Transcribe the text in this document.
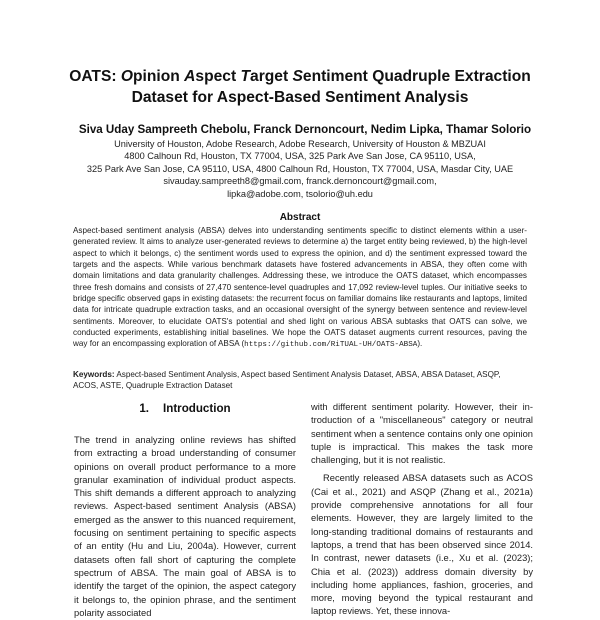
OATS: Opinion Aspect Target Sentiment Quadruple Extraction
Dataset for Aspect-Based Sentiment Analysis
Siva Uday Sampreeth Chebolu, Franck Dernoncourt, Nedim Lipka, Thamar Solorio
University of Houston, Adobe Research, Adobe Research, University of Houston & MBZUAI
4800 Calhoun Rd, Houston, TX 77004, USA, 325 Park Ave San Jose, CA 95110, USA,
325 Park Ave San Jose, CA 95110, USA, 4800 Calhoun Rd, Houston, TX 77004, USA, Masdar City, UAE
sivauday.sampreeth8@gmail.com, franck.dernoncourt@gmail.com,
lipka@adobe.com, tsolorio@uh.edu
Abstract
Aspect-based sentiment analysis (ABSA) delves into understanding sentiments specific to distinct elements within a user-generated review. It aims to analyze user-generated reviews to determine a) the target entity being reviewed, b) the high-level aspect to which it belongs, c) the sentiment words used to express the opinion, and d) the sentiment expressed toward the targets and the aspects. While various benchmark datasets have fostered advancements in ABSA, they often come with domain limitations and data granularity challenges. Addressing these, we introduce the OATS dataset, which encompasses three fresh domains and consists of 27,470 sentence-level quadruples and 17,092 review-level tuples. Our initiative seeks to bridge specific observed gaps in existing datasets: the recurrent focus on familiar domains like restaurants and laptops, limited data for intricate quadruple extraction tasks, and an occasional oversight of the synergy between sentence and review-level sentiments. Moreover, to elucidate OATS's potential and shed light on various ABSA subtasks that OATS can solve, we conducted experiments, establishing initial baselines. We hope the OATS dataset augments current resources, paving the way for an encompassing exploration of ABSA (https://github.com/RiTUAL-UH/OATS-ABSA).
Keywords: Aspect-based Sentiment Analysis, Aspect based Sentiment Analysis Dataset, ABSA, ABSA Dataset, ASQP, ACOS, ASTE, Quadruple Extraction Dataset
1. Introduction

The trend in analyzing online reviews has shifted from extracting a broad understanding of consumer opinions on overall product performance to a more granular examination of individual product aspects. This shift demands a different approach to analyzing reviews. Aspect-based sentiment Analysis (ABSA) emerged as the answer to this nuanced requirement, focusing on sentiment pertaining to specific aspects of an entity (Hu and Liu, 2004a). However, current datasets often fall short of capturing the complete spectrum of ABSA. The main goal of ABSA is to identify the target of the opinion, the aspect category it belongs to, the opinion phrase, and the sentiment polarity associated

with different sentiment polarity. However, their introduction of a "miscellaneous" category or neutral sentiment when a sentence contains only one opinion tuple is impractical. This makes the task more challenging, but it is not realistic.

Recently released ABSA datasets such as ACOS (Cai et al., 2021) and ASQP (Zhang et al., 2021a) provide comprehensive annotations for all four elements. However, they are largely limited to the long-standing traditional domains of restaurants and laptops, a trend that has been observed since 2014. In contrast, newer datasets (i.e., Xu et al. (2023); Chia et al. (2023)) address domain diversity by including home appliances, fashion, groceries, and more, moving beyond the typical restaurant and laptop reviews. Yet, these innova-
